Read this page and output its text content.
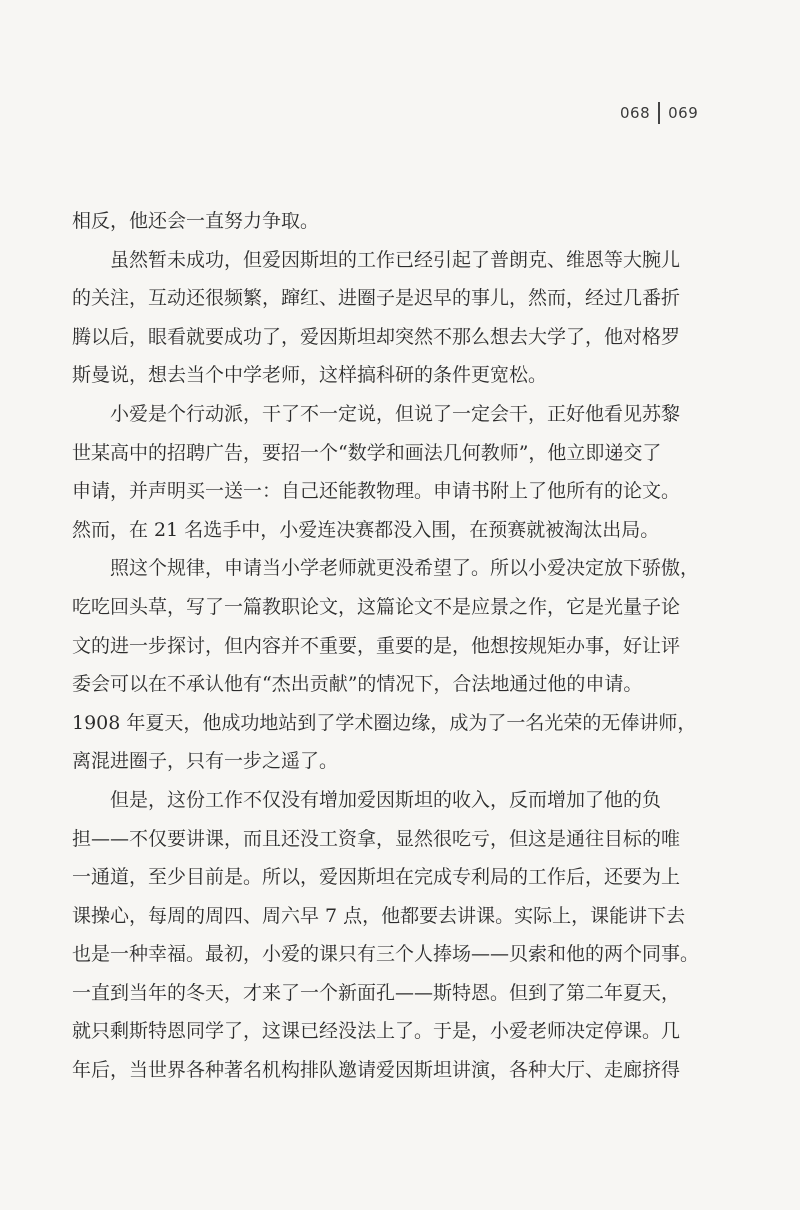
068 069
相反，他还会一直努力争取。
虽然暂未成功，但爱因斯坦的工作已经引起了普朗克、维恩等大腕儿
的关注，互动还很频繁，蹿红、进圈子是迟早的事儿，然而，经过几番折
腾以后，眼看就要成功了，爱因斯坦却突然不那么想去大学了，他对格罗
斯曼说，想去当个中学老师，这样搞科研的条件更宽松。
小爱是个行动派，干了不一定说，但说了一定会干，正好他看见苏黎
世某高中的招聘广告，要招一个“数学和画法几何教师”，他立即递交了
申请，并声明买一送一：自己还能教物理。申请书附上了他所有的论文。
然而，在 21 名选手中，小爱连决赛都没入围，在预赛就被淘汰出局。
照这个规律，申请当小学老师就更没希望了。所以小爱决定放下骄傲，
吃吃回头草，写了一篇教职论文，这篇论文不是应景之作，它是光量子论
文的进一步探讨，但内容并不重要，重要的是，他想按规矩办事，好让评
委会可以在不承认他有“杰出贡献”的情况下，合法地通过他的申请。
1908 年夏天，他成功地站到了学术圈边缘，成为了一名光荣的无俸讲师，
离混进圈子，只有一步之遥了。
但是，这份工作不仅没有增加爱因斯坦的收入，反而增加了他的负
担——不仅要讲课，而且还没工资拿，显然很吃亏，但这是通往目标的唯
一通道，至少目前是。所以，爱因斯坦在完成专利局的工作后，还要为上
课操心，每周的周四、周六早 7 点，他都要去讲课。实际上，课能讲下去
也是一种幸福。最初，小爱的课只有三个人捧场——贝索和他的两个同事。
一直到当年的冬天，才来了一个新面孔——斯特恩。但到了第二年夏天，
就只剩斯特恩同学了，这课已经没法上了。于是，小爱老师决定停课。几
年后，当世界各种著名机构排队邀请爱因斯坦讲演，各种大厅、走廊挤得
